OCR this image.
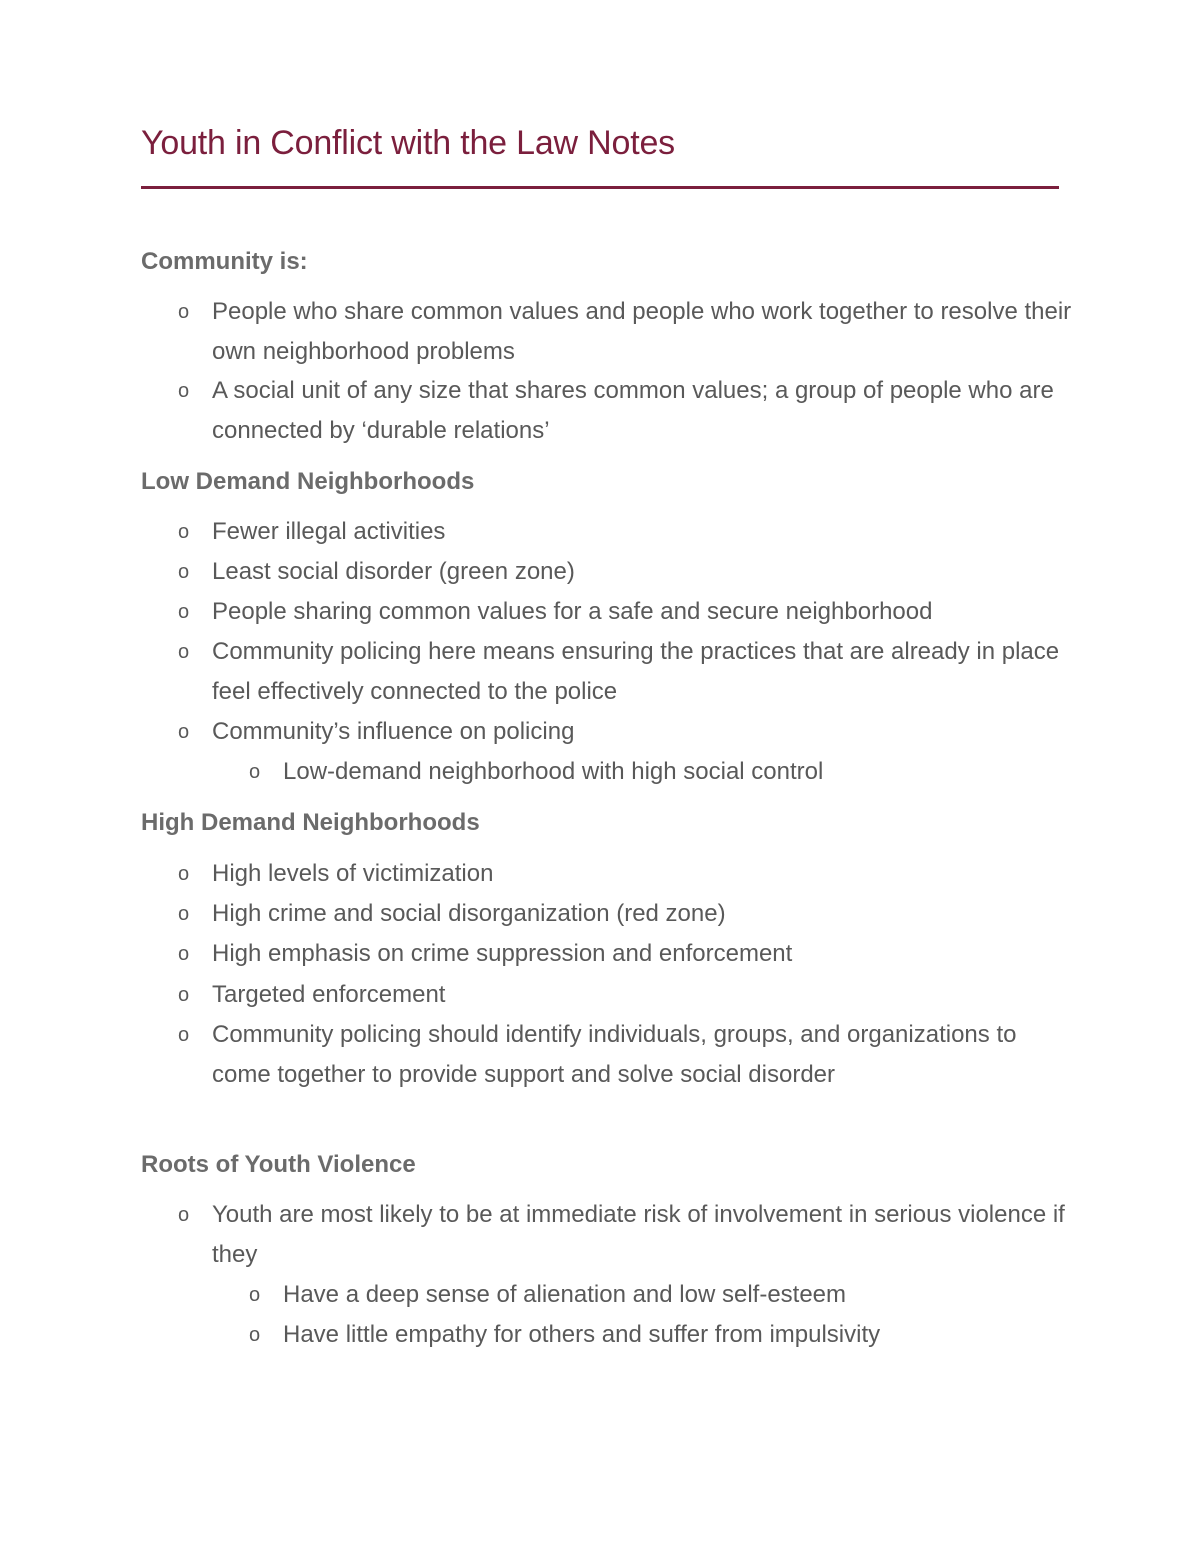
Youth in Conflict with the Law Notes
Community is:
o People who share common values and people who work together to resolve their own neighborhood problems
o A social unit of any size that shares common values; a group of people who are connected by ‘durable relations’
Low Demand Neighborhoods
o Fewer illegal activities
o Least social disorder (green zone)
o People sharing common values for a safe and secure neighborhood
o Community policing here means ensuring the practices that are already in place feel effectively connected to the police
o Community’s influence on policing
o Low-demand neighborhood with high social control
High Demand Neighborhoods
o High levels of victimization
o High crime and social disorganization (red zone)
o High emphasis on crime suppression and enforcement
o Targeted enforcement
o Community policing should identify individuals, groups, and organizations to come together to provide support and solve social disorder
Roots of Youth Violence
o Youth are most likely to be at immediate risk of involvement in serious violence if they
o Have a deep sense of alienation and low self-esteem
o Have little empathy for others and suffer from impulsivity
